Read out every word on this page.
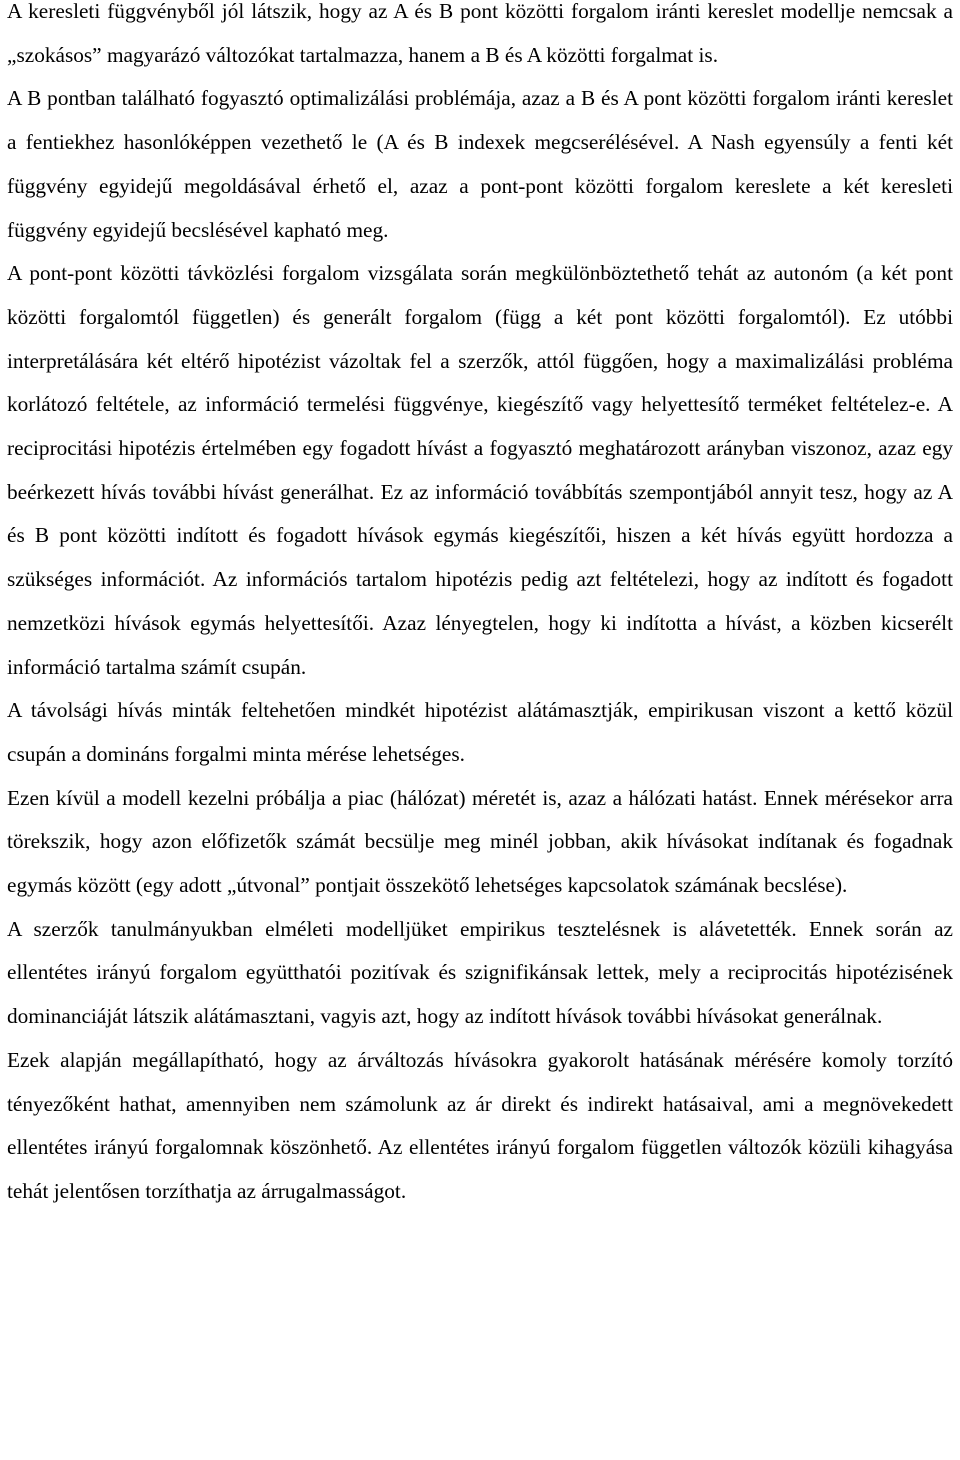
A keresleti függvényből jól látszik, hogy az A és B pont közötti forgalom iránti kereslet modellje nemcsak a „szokásos” magyarázó változókat tartalmazza, hanem a B és A közötti forgalmat is.

A B pontban található fogyasztó optimalizálási problémája, azaz a B és A pont közötti forgalom iránti kereslet a fentiekhez hasonlóképpen vezethető le (A és B indexek megcserélésével. A Nash egyensúly a fenti két függvény egyidejű megoldásával érhető el, azaz a pont-pont közötti forgalom kereslete a két keresleti függvény egyidejű becslésével kapható meg.

A pont-pont közötti távközlési forgalom vizsgálata során megkülönböztethető tehát az autonóm (a két pont közötti forgalomtól független) és generált forgalom (függ a két pont közötti forgalomtól). Ez utóbbi interpretálására két eltérő hipotézist vázoltak fel a szerzők, attól függően, hogy a maximalizálási probléma korlátozó feltétele, az információ termelési függvénye, kiegészítő vagy helyettesítő terméket feltételez-e. A reciprocitási hipotézis értelmében egy fogadott hívást a fogyasztó meghatározott arányban viszonoz, azaz egy beérkezett hívás további hívást generálhat. Ez az információ továbbítás szempontjából annyit tesz, hogy az A és B pont közötti indított és fogadott hívások egymás kiegészítői, hiszen a két hívás együtt hordozza a szükséges információt. Az információs tartalom hipotézis pedig azt feltételezi, hogy az indított és fogadott nemzetközi hívások egymás helyettesítői. Azaz lényegtelen, hogy ki indította a hívást, a közben kicserélt információ tartalma számít csupán.

A távolsági hívás minták feltehetően mindkét hipotézist alátámasztják, empirikusan viszont a kettő közül csupán a domináns forgalmi minta mérése lehetséges.

Ezen kívül a modell kezelni próbálja a piac (hálózat) méretét is, azaz a hálózati hatást. Ennek mérésekor arra törekszik, hogy azon előfizetők számát becsülje meg minél jobban, akik hívásokat indítanak és fogadnak egymás között (egy adott „útvonal” pontjait összekötő lehetséges kapcsolatok számának becslése).

A szerzők tanulmányukban elméleti modelljüket empirikus tesztelésnek is alávetették. Ennek során az ellentétes irányú forgalom együtthatói pozitívak és szignifikánsak lettek, mely a reciprocitás hipotézisének dominanciáját látszik alátámasztani, vagyis azt, hogy az indított hívások további hívásokat generálnak.

Ezek alapján megállapítható, hogy az árváltozás hívásokra gyakorolt hatásának mérésére komoly torzító tényezőként hathat, amennyiben nem számolunk az ár direkt és indirekt hatásaival, ami a megnövekedett ellentétes irányú forgalomnak köszönhető. Az ellentétes irányú forgalom független változók közüli kihagyása tehát jelentősen torzíthatja az árrugalmasságot.
